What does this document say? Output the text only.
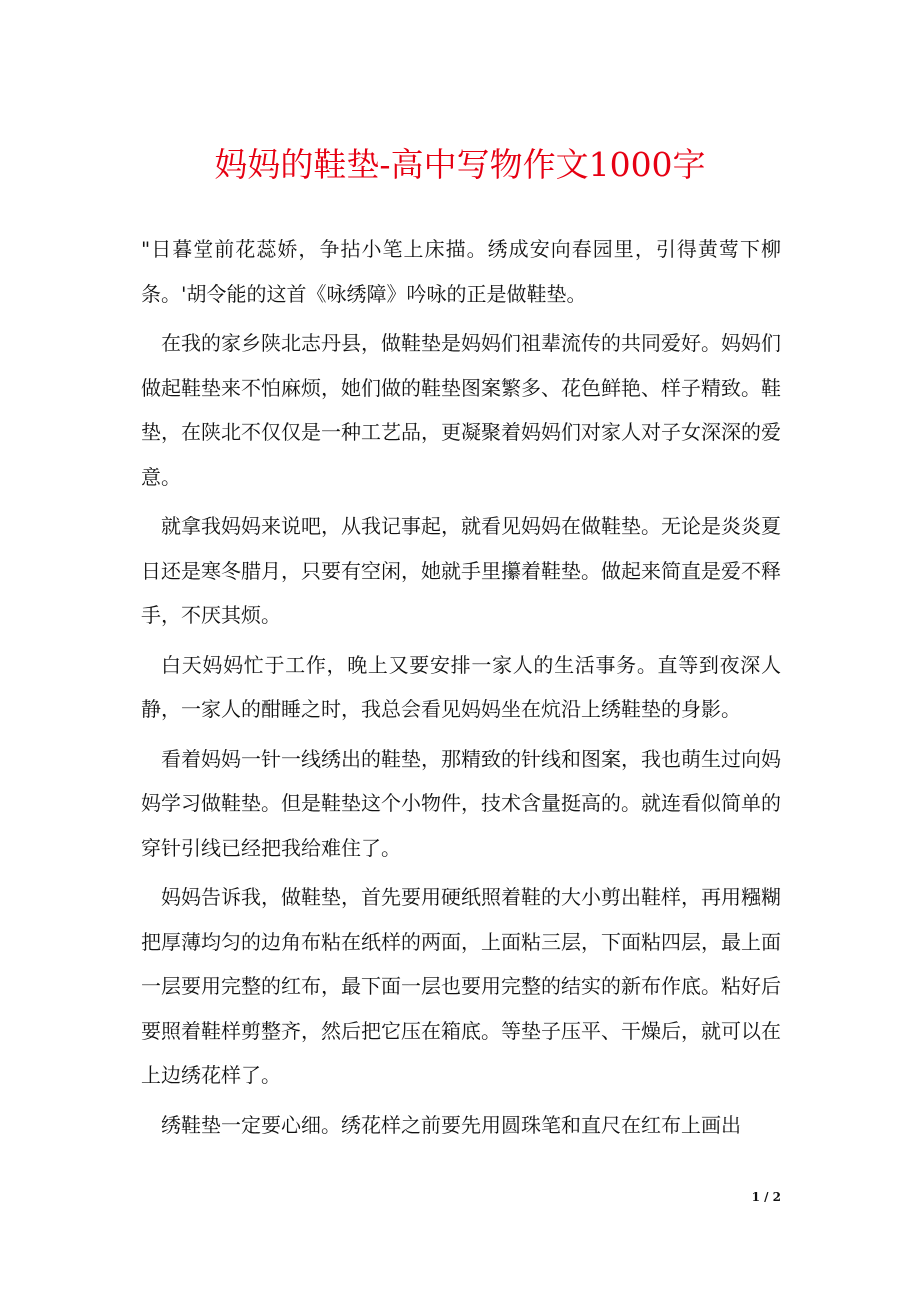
妈妈的鞋垫-高中写物作文1000字

"日暮堂前花蕊娇，争拈小笔上床描。绣成安向春园里，引得黄莺下柳条。'胡令能的这首《咏绣障》吟咏的正是做鞋垫。

在我的家乡陕北志丹县，做鞋垫是妈妈们祖辈流传的共同爱好。妈妈们做起鞋垫来不怕麻烦，她们做的鞋垫图案繁多、花色鲜艳、样子精致。鞋垫，在陕北不仅仅是一种工艺品，更凝聚着妈妈们对家人对子女深深的爱意。

就拿我妈妈来说吧，从我记事起，就看见妈妈在做鞋垫。无论是炎炎夏日还是寒冬腊月，只要有空闲，她就手里攥着鞋垫。做起来简直是爱不释手，不厌其烦。

白天妈妈忙于工作，晚上又要安排一家人的生活事务。直等到夜深人静，一家人的酣睡之时，我总会看见妈妈坐在炕沿上绣鞋垫的身影。

看着妈妈一针一线绣出的鞋垫，那精致的针线和图案，我也萌生过向妈妈学习做鞋垫。但是鞋垫这个小物件，技术含量挺高的。就连看似简单的穿针引线已经把我给难住了。

妈妈告诉我，做鞋垫，首先要用硬纸照着鞋的大小剪出鞋样，再用糨糊把厚薄均匀的边角布粘在纸样的两面，上面粘三层，下面粘四层，最上面一层要用完整的红布，最下面一层也要用完整的结实的新布作底。粘好后要照着鞋样剪整齐，然后把它压在箱底。等垫子压平、干燥后，就可以在上边绣花样了。

绣鞋垫一定要心细。绣花样之前要先用圆珠笔和直尺在红布上画出

1 / 2
